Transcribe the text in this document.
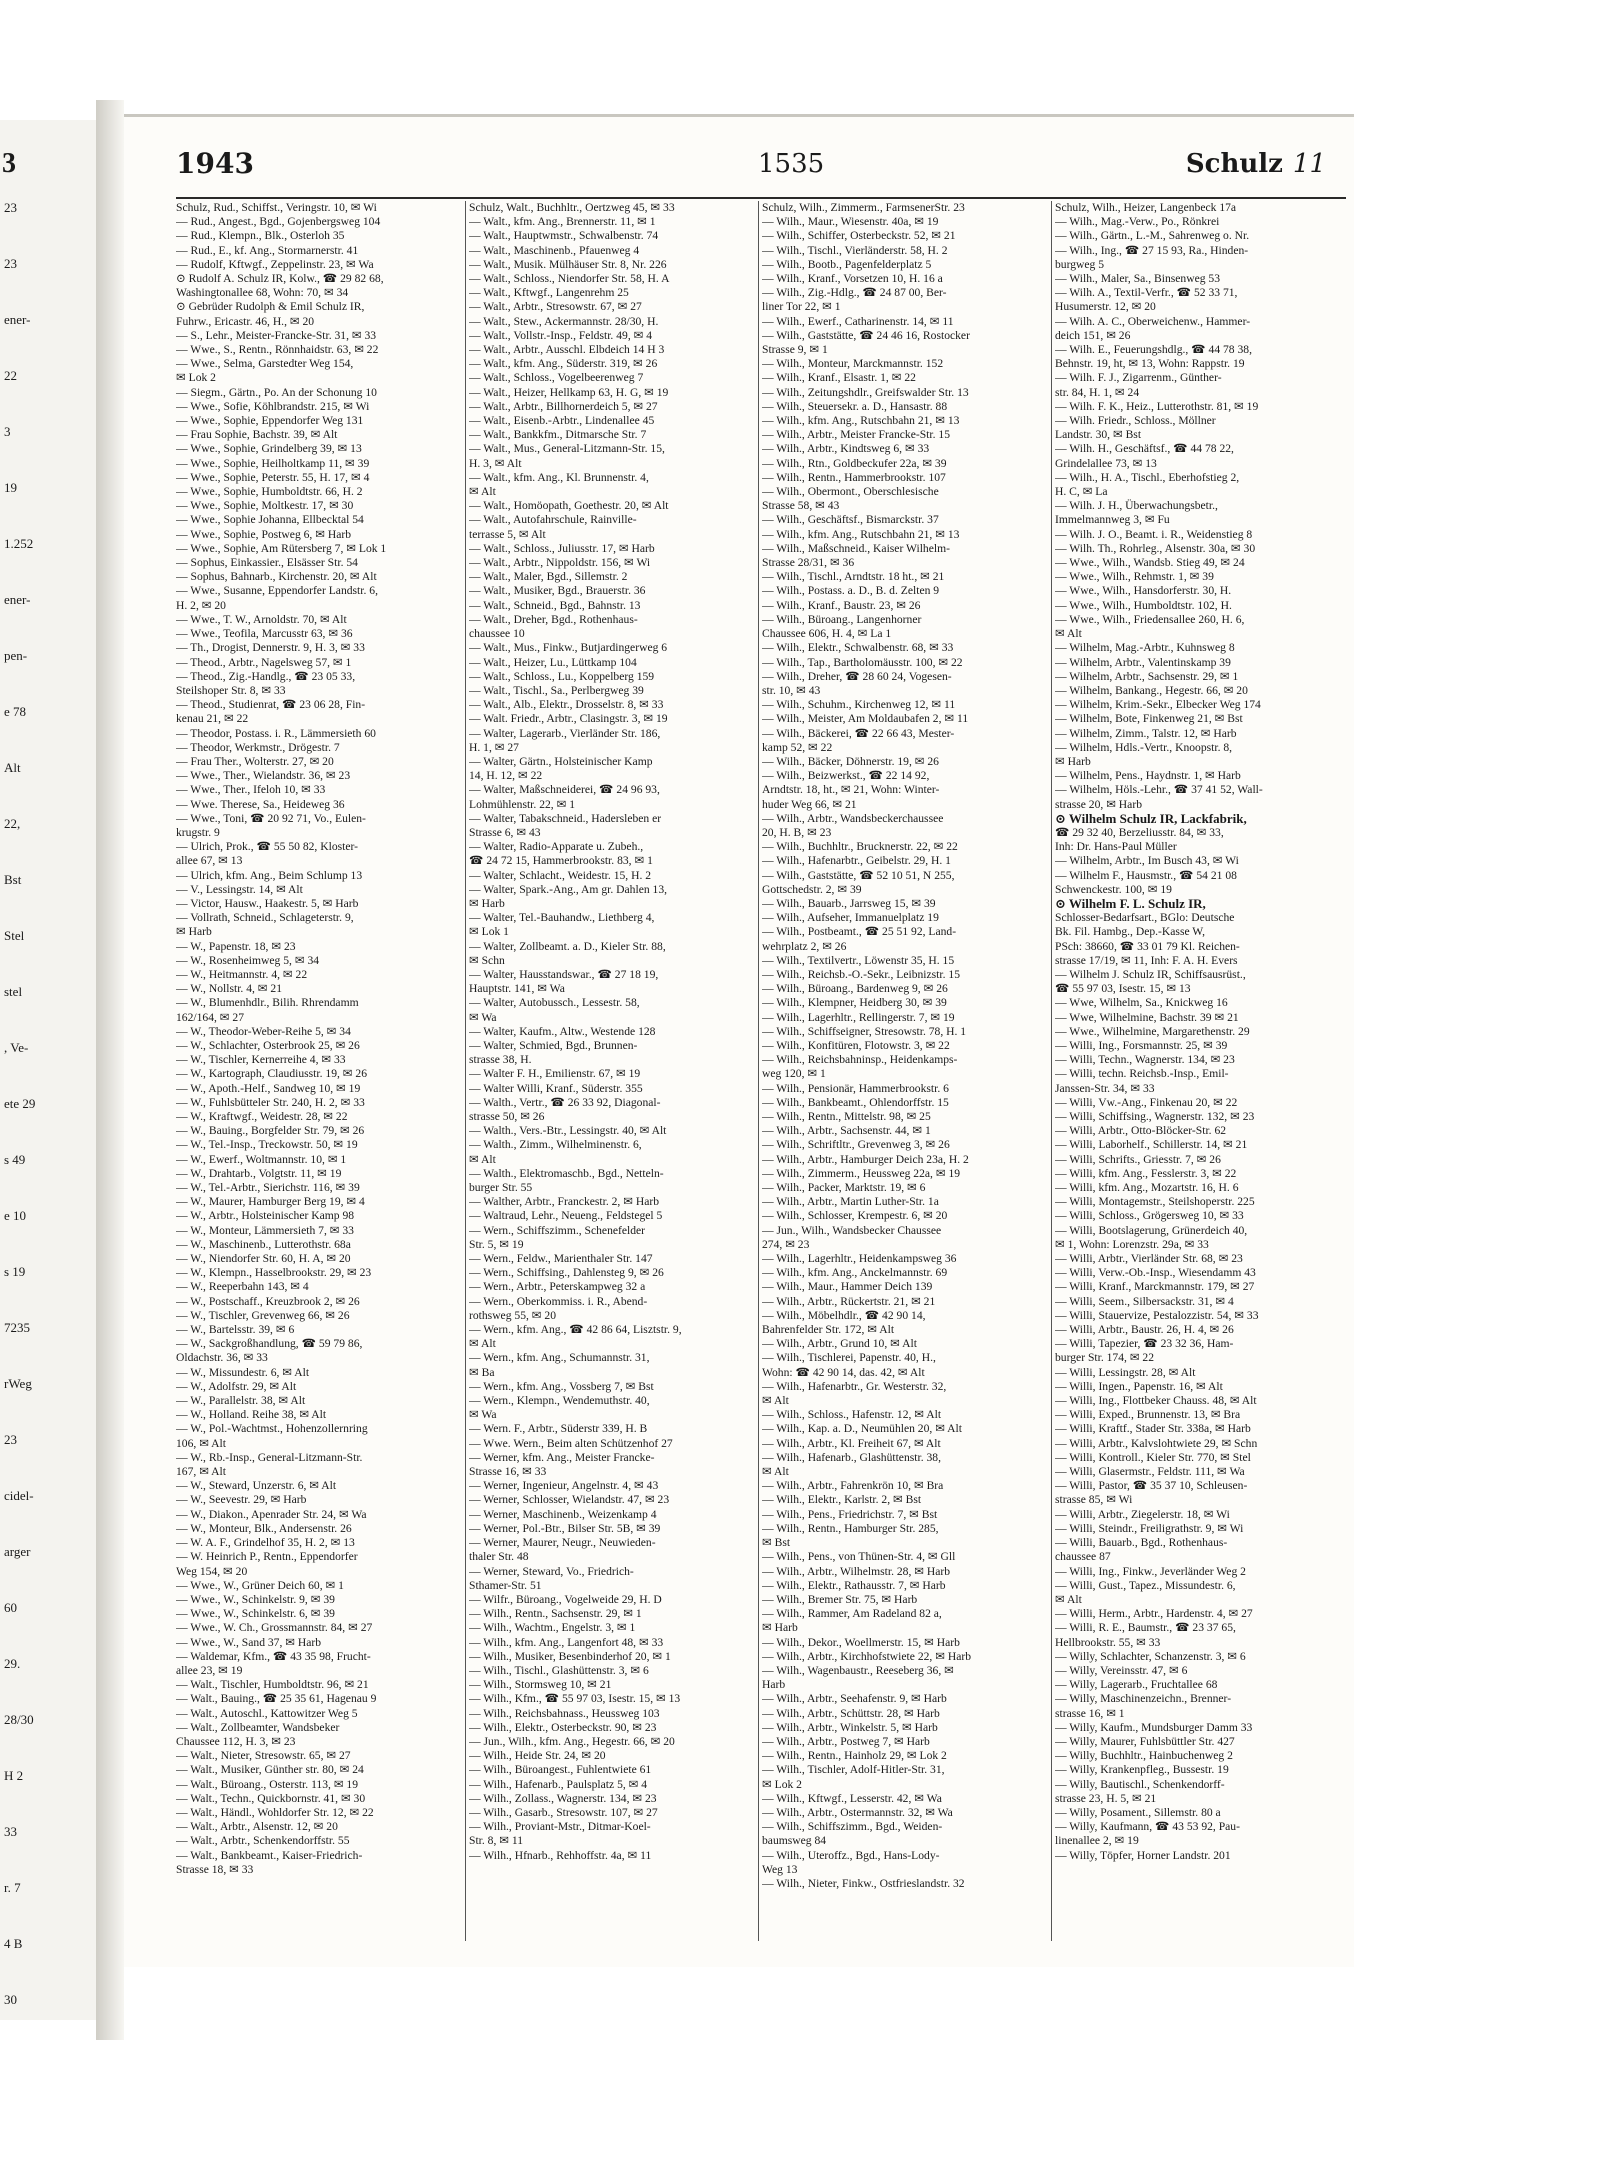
3
23
23
ener-
22
3
19
1.252
ener-
pen-
e 78
Alt
22,
Bst
Stel
stel
, Ve-
ete 29
s 49
e 10
s 19
7235
rWeg
23
cidel-
arger
60
29.
28/30
H 2
33
r. 7
4 B
30
1943	1535	Schulz 11
Schulz, Rud., Schiffst., Veringstr. 10, ✉ Wi
— Rud., Angest., Bgd., Gojenbergsweg 104
— Rud., Klempn., Blk., Osterloh 35
— Rud., E., kf. Ang., Stormarnerstr. 41
— Rudolf, Kftwgf., Zeppelinstr. 23, ✉ Wa
⊙ Rudolf A. Schulz IR, Kolw., ☎ 29 82 68,
Washingtonallee 68, Wohn: 70, ✉ 34
⊙ Gebrüder Rudolph & Emil Schulz IR,
Fuhrw., Ericastr. 46, H., ✉ 20
— S., Lehr., Meister-Francke-Str. 31, ✉ 33
— Wwe., S., Rentn., Rönnhaidstr. 63, ✉ 22
— Wwe., Selma, Garstedter Weg 154,
✉ Lok 2
— Siegm., Gärtn., Po. An der Schonung 10
— Wwe., Sofie, Köhlbrandstr. 215, ✉ Wi
— Wwe., Sophie, Eppendorfer Weg 131
— Frau Sophie, Bachstr. 39, ✉ Alt
— Wwe., Sophie, Grindelberg 39, ✉ 13
— Wwe., Sophie, Heilholtkamp 11, ✉ 39
— Wwe., Sophie, Peterstr. 55, H. 17, ✉ 4
— Wwe., Sophie, Humboldtstr. 66, H. 2
— Wwe., Sophie, Moltkestr. 17, ✉ 30
— Wwe., Sophie Johanna, Ellbecktal 54
— Wwe., Sophie, Postweg 6, ✉ Harb
— Wwe., Sophie, Am Rütersberg 7, ✉ Lok 1
— Sophus, Einkassier., Elsässer Str. 54
— Sophus, Bahnarb., Kirchenstr. 20, ✉ Alt
— Wwe., Susanne, Eppendorfer Landstr. 6,
H. 2, ✉ 20
— Wwe., T. W., Arnoldstr. 70, ✉ Alt
— Wwe., Teofila, Marcusstr 63, ✉ 36
— Th., Drogist, Dennerstr. 9, H. 3, ✉ 33
— Theod., Arbtr., Nagelsweg 57, ✉ 1
— Theod., Zig.-Handlg., ☎ 23 05 33,
Steilshoper Str. 8, ✉ 33
— Theod., Studienrat, ☎ 23 06 28, Fin-
kenau 21, ✉ 22
— Theodor, Postass. i. R., Lämmersieth 60
— Theodor, Werkmstr., Drögestr. 7
— Frau Ther., Wolterstr. 27, ✉ 20
— Wwe., Ther., Wielandstr. 36, ✉ 23
— Wwe., Ther., Ifeloh 10, ✉ 33
— Wwe. Therese, Sa., Heideweg 36
— Wwe., Toni, ☎ 20 92 71, Vo., Eulen-
krugstr. 9
— Ulrich, Prok., ☎ 55 50 82, Kloster-
allee 67, ✉ 13
— Ulrich, kfm. Ang., Beim Schlump 13
— V., Lessingstr. 14, ✉ Alt
— Victor, Hausw., Haakestr. 5, ✉ Harb
— Vollrath, Schneid., Schlageterstr. 9,
✉ Harb
— W., Papenstr. 18, ✉ 23
— W., Rosenheimweg 5, ✉ 34
— W., Heitmannstr. 4, ✉ 22
— W., Nollstr. 4, ✉ 21
— W., Blumenhdlr., Bilih. Rhrendamm
162/164, ✉ 27
— W., Theodor-Weber-Reihe 5, ✉ 34
— W., Schlachter, Osterbrook 25, ✉ 26
— W., Tischler, Kernerreihe 4, ✉ 33
— W., Kartograph, Claudiusstr. 19, ✉ 26
— W., Apoth.-Helf., Sandweg 10, ✉ 19
— W., Fuhlsbütteler Str. 240, H. 2, ✉ 33
— W., Kraftwgf., Weidestr. 28, ✉ 22
— W., Bauing., Borgfelder Str. 79, ✉ 26
— W., Tel.-Insp., Treckowstr. 50, ✉ 19
— W., Ewerf., Woltmannstr. 10, ✉ 1
— W., Drahtarb., Volgtstr. 11, ✉ 19
— W., Tel.-Arbtr., Sierichstr. 116, ✉ 39
— W., Maurer, Hamburger Berg 19, ✉ 4
— W., Arbtr., Holsteinischer Kamp 98
— W., Monteur, Lämmersieth 7, ✉ 33
— W., Maschinenb., Lutterothstr. 68a
— W., Niendorfer Str. 60, H. A, ✉ 20
— W., Klempn., Hasselbrookstr. 29, ✉ 23
— W., Reeperbahn 143, ✉ 4
— W., Postschaff., Kreuzbrook 2, ✉ 26
— W., Tischler, Grevenweg 66, ✉ 26
— W., Bartelsstr. 39, ✉ 6
— W., Sackgroßhandlung, ☎ 59 79 86,
Oldachstr. 36, ✉ 33
— W., Missundestr. 6, ✉ Alt
— W., Adolfstr. 29, ✉ Alt
— W., Parallelstr. 38, ✉ Alt
— W., Holland. Reihe 38, ✉ Alt
— W., Pol.-Wachtmst., Hohenzollernring
106, ✉ Alt
— W., Rb.-Insp., General-Litzmann-Str.
167, ✉ Alt
— W., Steward, Unzerstr. 6, ✉ Alt
— W., Seevestr. 29, ✉ Harb
— W., Diakon., Apenrader Str. 24, ✉ Wa
— W., Monteur, Blk., Andersenstr. 26
— W. A. F., Grindelhof 35, H. 2, ✉ 13
— W. Heinrich P., Rentn., Eppendorfer
Weg 154, ✉ 20
— Wwe., W., Grüner Deich 60, ✉ 1
— Wwe., W., Schinkelstr. 9, ✉ 39
— Wwe., W., Schinkelstr. 6, ✉ 39
— Wwe., W. Ch., Grossmannstr. 84, ✉ 27
— Wwe., W., Sand 37, ✉ Harb
— Waldemar, Kfm., ☎ 43 35 98, Frucht-
allee 23, ✉ 19
— Walt., Tischler, Humboldtstr. 96, ✉ 21
— Walt., Bauing., ☎ 25 35 61, Hagenau 9
— Walt., Autoschl., Kattowitzer Weg 5
— Walt., Zollbeamter, Wandsbeker
Chaussee 112, H. 3, ✉ 23
— Walt., Nieter, Stresowstr. 65, ✉ 27
— Walt., Musiker, Günther str. 80, ✉ 24
— Walt., Büroang., Osterstr. 113, ✉ 19
— Walt., Techn., Quickbornstr. 41, ✉ 30
— Walt., Händl., Wohldorfer Str. 12, ✉ 22
— Walt., Arbtr., Alsenstr. 12, ✉ 20
— Walt., Arbtr., Schenkendorffstr. 55
— Walt., Bankbeamt., Kaiser-Friedrich-
Strasse 18, ✉ 33
Schulz, Walt., Buchhltr., Oertzweg 45, ✉ 33
— Walt., kfm. Ang., Brennerstr. 11, ✉ 1
— Walt., Hauptwmstr., Schwalbenstr. 74
— Walt., Maschinenb., Pfauenweg 4
— Walt., Musik. Mülhäuser Str. 8, Nr. 226
— Walt., Schloss., Niendorfer Str. 58, H. A
— Walt., Kftwgf., Langenrehm 25
— Walt., Arbtr., Stresowstr. 67, ✉ 27
— Walt., Stew., Ackermannstr. 28/30, H.
— Walt., Vollstr.-Insp., Feldstr. 49, ✉ 4
— Walt., Arbtr., Ausschl. Elbdeich 14 H 3
— Walt., kfm. Ang., Süderstr. 319, ✉ 26
— Walt., Schloss., Vogelbeerenweg 7
— Walt., Heizer, Hellkamp 63, H. G, ✉ 19
— Walt., Arbtr., Billhornerdeich 5, ✉ 27
— Walt., Eisenb.-Arbtr., Lindenallee 45
— Walt., Bankkfm., Ditmarsche Str. 7
— Walt., Mus., General-Litzmann-Str. 15,
H. 3, ✉ Alt
— Walt., kfm. Ang., Kl. Brunnenstr. 4,
✉ Alt
— Walt., Homöopath, Goethestr. 20, ✉ Alt
— Walt., Autofahrschule, Rainville-
terrasse 5, ✉ Alt
— Walt., Schloss., Juliusstr. 17, ✉ Harb
— Walt., Arbtr., Nippoldstr. 156, ✉ Wi
— Walt., Maler, Bgd., Sillemstr. 2
— Walt., Musiker, Bgd., Brauerstr. 36
— Walt., Schneid., Bgd., Bahnstr. 13
— Walt., Dreher, Bgd., Rothenhaus-
chaussee 10
— Walt., Mus., Finkw., Butjardingerweg 6
— Walt., Heizer, Lu., Lüttkamp 104
— Walt., Schloss., Lu., Koppelberg 159
— Walt., Tischl., Sa., Perlbergweg 39
— Walt., Alb., Elektr., Drosselstr. 8, ✉ 33
— Walt. Friedr., Arbtr., Clasingstr. 3, ✉ 19
— Walter, Lagerarb., Vierländer Str. 186,
H. 1, ✉ 27
— Walter, Gärtn., Holsteinischer Kamp
14, H. 12, ✉ 22
— Walter, Maßschneiderei, ☎ 24 96 93,
Lohmühlenstr. 22, ✉ 1
— Walter, Tabakschneid., Hadersleben er
Strasse 6, ✉ 43
— Walter, Radio-Apparate u. Zubeh.,
☎ 24 72 15, Hammerbrookstr. 83, ✉ 1
— Walter, Schlacht., Weidestr. 15, H. 2
— Walter, Spark.-Ang., Am gr. Dahlen 13,
✉ Harb
— Walter, Tel.-Bauhandw., Liethberg 4,
✉ Lok 1
— Walter, Zollbeamt. a. D., Kieler Str. 88,
✉ Schn
— Walter, Hausstandswar., ☎ 27 18 19,
Hauptstr. 141, ✉ Wa
— Walter, Autobussch., Lessestr. 58,
✉ Wa
— Walter, Kaufm., Altw., Westende 128
— Walter, Schmied, Bgd., Brunnen-
strasse 38, H.
— Walter F. H., Emilienstr. 67, ✉ 19
— Walter Willi, Kranf., Süderstr. 355
— Walth., Vertr., ☎ 26 33 92, Diagonal-
strasse 50, ✉ 26
— Walth., Vers.-Btr., Lessingstr. 40, ✉ Alt
— Walth., Zimm., Wilhelminenstr. 6,
✉ Alt
— Walth., Elektromaschb., Bgd., Netteln-
burger Str. 55
— Walther, Arbtr., Franckestr. 2, ✉ Harb
— Waltraud, Lehr., Neueng., Feldstegel 5
— Wern., Schiffszimm., Schenefelder
Str. 5, ✉ 19
— Wern., Feldw., Marienthaler Str. 147
— Wern., Schiffsing., Dahlensteg 9, ✉ 26
— Wern., Arbtr., Peterskampweg 32 a
— Wern., Oberkommiss. i. R., Abend-
rothsweg 55, ✉ 20
— Wern., kfm. Ang., ☎ 42 86 64, Lisztstr. 9,
✉ Alt
— Wern., kfm. Ang., Schumannstr. 31,
✉ Ba
— Wern., kfm. Ang., Vossberg 7, ✉ Bst
— Wern., Klempn., Wendemuthstr. 40,
✉ Wa
— Wern. F., Arbtr., Süderstr 339, H. B
— Wwe. Wern., Beim alten Schützenhof 27
— Werner, kfm. Ang., Meister Francke-
Strasse 16, ✉ 33
— Werner, Ingenieur, Angelnstr. 4, ✉ 43
— Werner, Schlosser, Wielandstr. 47, ✉ 23
— Werner, Maschinenb., Weizenkamp 4
— Werner, Pol.-Btr., Bilser Str. 5B, ✉ 39
— Werner, Maurer, Neugr., Neuwieden-
thaler Str. 48
— Werner, Steward, Vo., Friedrich-
Sthamer-Str. 51
— Wilfr., Büroang., Vogelweide 29, H. D
— Wilh., Rentn., Sachsenstr. 29, ✉ 1
— Wilh., Wachtm., Engelstr. 3, ✉ 1
— Wilh., kfm. Ang., Langenfort 48, ✉ 33
— Wilh., Musiker, Besenbinderhof 20, ✉ 1
— Wilh., Tischl., Glashüttenstr. 3, ✉ 6
— Wilh., Stormsweg 10, ✉ 21
— Wilh., Kfm., ☎ 55 97 03, Isestr. 15, ✉ 13
— Wilh., Reichsbahnass., Heussweg 103
— Wilh., Elektr., Osterbeckstr. 90, ✉ 23
— Jun., Wilh., kfm. Ang., Hegestr. 66, ✉ 20
— Wilh., Heide Str. 24, ✉ 20
— Wilh., Büroangest., Fuhlentwiete 61
— Wilh., Hafenarb., Paulsplatz 5, ✉ 4
— Wilh., Zollass., Wagnerstr. 134, ✉ 23
— Wilh., Gasarb., Stresowstr. 107, ✉ 27
— Wilh., Proviant-Mstr., Ditmar-Koel-
Str. 8, ✉ 11
— Wilh., Hfnarb., Rehhoffstr. 4a, ✉ 11
Schulz, Wilh., Zimmerm., FarmsenerStr. 23
— Wilh., Maur., Wiesenstr. 40a, ✉ 19
— Wilh., Schiffer, Osterbeckstr. 52, ✉ 21
— Wilh., Tischl., Vierländerstr. 58, H. 2
— Wilh., Bootb., Pagenfelderplatz 5
— Wilh., Kranf., Vorsetzen 10, H. 16 a
— Wilh., Zig.-Hdlg., ☎ 24 87 00, Ber-
liner Tor 22, ✉ 1
— Wilh., Ewerf., Catharinenstr. 14, ✉ 11
— Wilh., Gaststätte, ☎ 24 46 16, Rostocker
Strasse 9, ✉ 1
— Wilh., Monteur, Marckmannstr. 152
— Wilh., Kranf., Elsastr. 1, ✉ 22
— Wilh., Zeitungshdlr., Greifswalder Str. 13
— Wilh., Steuersekr. a. D., Hansastr. 88
— Wilh., kfm. Ang., Rutschbahn 21, ✉ 13
— Wilh., Arbtr., Meister Francke-Str. 15
— Wilh., Arbtr., Kindtsweg 6, ✉ 33
— Wilh., Rtn., Goldbeckufer 22a, ✉ 39
— Wilh., Rentn., Hammerbrookstr. 107
— Wilh., Obermont., Oberschlesische
Strasse 58, ✉ 43
— Wilh., Geschäftsf., Bismarckstr. 37
— Wilh., kfm. Ang., Rutschbahn 21, ✉ 13
— Wilh., Maßschneid., Kaiser Wilhelm-
Strasse 28/31, ✉ 36
— Wilh., Tischl., Arndtstr. 18 ht., ✉ 21
— Wilh., Postass. a. D., B. d. Zelten 9
— Wilh., Kranf., Baustr. 23, ✉ 26
— Wilh., Büroang., Langenhorner
Chaussee 606, H. 4, ✉ La 1
— Wilh., Elektr., Schwalbenstr. 68, ✉ 33
— Wilh., Tap., Bartholomäusstr. 100, ✉ 22
— Wilh., Dreher, ☎ 28 60 24, Vogesen-
str. 10, ✉ 43
— Wilh., Schuhm., Kirchenweg 12, ✉ 11
— Wilh., Meister, Am Moldaubafen 2, ✉ 11
— Wilh., Bäckerei, ☎ 22 66 43, Mester-
kamp 52, ✉ 22
— Wilh., Bäcker, Döhnerstr. 19, ✉ 26
— Wilh., Beizwerkst., ☎ 22 14 92,
Arndtstr. 18, ht., ✉ 21, Wohn: Winter-
huder Weg 66, ✉ 21
— Wilh., Arbtr., Wandsbeckerchaussee
20, H. B, ✉ 23
— Wilh., Buchhltr., Brucknerstr. 22, ✉ 22
— Wilh., Hafenarbtr., Geibelstr. 29, H. 1
— Wilh., Gaststätte, ☎ 52 10 51, N 255,
Gottschedstr. 2, ✉ 39
— Wilh., Bauarb., Jarrsweg 15, ✉ 39
— Wilh., Aufseher, Immanuelplatz 19
— Wilh., Postbeamt., ☎ 25 51 92, Land-
wehrplatz 2, ✉ 26
— Wilh., Textilvertr., Löwenstr 35, H. 15
— Wilh., Reichsb.-O.-Sekr., Leibnizstr. 15
— Wilh., Büroang., Bardenweg 9, ✉ 26
— Wilh., Klempner, Heidberg 30, ✉ 39
— Wilh., Lagerhltr., Rellingerstr. 7, ✉ 19
— Wilh., Schiffseigner, Stresowstr. 78, H. 1
— Wilh., Konfitüren, Flotowstr. 3, ✉ 22
— Wilh., Reichsbahninsp., Heidenkamps-
weg 120, ✉ 1
— Wilh., Pensionär, Hammerbrookstr. 6
— Wilh., Bankbeamt., Ohlendorffstr. 15
— Wilh., Rentn., Mittelstr. 98, ✉ 25
— Wilh., Arbtr., Sachsenstr. 44, ✉ 1
— Wilh., Schriftltr., Grevenweg 3, ✉ 26
— Wilh., Arbtr., Hamburger Deich 23a, H. 2
— Wilh., Zimmerm., Heussweg 22a, ✉ 19
— Wilh., Packer, Marktstr. 19, ✉ 6
— Wilh., Arbtr., Martin Luther-Str. 1a
— Wilh., Schlosser, Krempestr. 6, ✉ 20
— Jun., Wilh., Wandsbecker Chaussee
274, ✉ 23
— Wilh., Lagerhltr., Heidenkampsweg 36
— Wilh., kfm. Ang., Anckelmannstr. 69
— Wilh., Maur., Hammer Deich 139
— Wilh., Arbtr., Rückertstr. 21, ✉ 21
— Wilh., Möbelhdlr., ☎ 42 90 14,
Bahrenfelder Str. 172, ✉ Alt
— Wilh., Arbtr., Grund 10, ✉ Alt
— Wilh., Tischlerei, Papenstr. 40, H.,
Wohn: ☎ 42 90 14, das. 42, ✉ Alt
— Wilh., Hafenarbtr., Gr. Westerstr. 32,
✉ Alt
— Wilh., Schloss., Hafenstr. 12, ✉ Alt
— Wilh., Kap. a. D., Neumühlen 20, ✉ Alt
— Wilh., Arbtr., Kl. Freiheit 67, ✉ Alt
— Wilh., Hafenarb., Glashüttenstr. 38,
✉ Alt
— Wilh., Arbtr., Fahrenkrön 10, ✉ Bra
— Wilh., Elektr., Karlstr. 2, ✉ Bst
— Wilh., Pens., Friedrichstr. 7, ✉ Bst
— Wilh., Rentn., Hamburger Str. 285,
✉ Bst
— Wilh., Pens., von Thünen-Str. 4, ✉ Gll
— Wilh., Arbtr., Wilhelmstr. 28, ✉ Harb
— Wilh., Elektr., Rathausstr. 7, ✉ Harb
— Wilh., Bremer Str. 75, ✉ Harb
— Wilh., Rammer, Am Radeland 82 a,
✉ Harb
— Wilh., Dekor., Woellmerstr. 15, ✉ Harb
— Wilh., Arbtr., Kirchhofstwiete 22, ✉ Harb
— Wilh., Wagenbaustr., Reeseberg 36, ✉
Harb
— Wilh., Arbtr., Seehafenstr. 9, ✉ Harb
— Wilh., Arbtr., Schüttstr. 28, ✉ Harb
— Wilh., Arbtr., Winkelstr. 5, ✉ Harb
— Wilh., Arbtr., Postweg 7, ✉ Harb
— Wilh., Rentn., Hainholz 29, ✉ Lok 2
— Wilh., Tischler, Adolf-Hitler-Str. 31,
✉ Lok 2
— Wilh., Kftwgf., Lesserstr. 42, ✉ Wa
— Wilh., Arbtr., Ostermannstr. 32, ✉ Wa
— Wilh., Schiffszimm., Bgd., Weiden-
baumsweg 84
— Wilh., Uteroffz., Bgd., Hans-Lody-
Weg 13
— Wilh., Nieter, Finkw., Ostfrieslandstr. 32
Schulz, Wilh., Heizer, Langenbeck 17a
— Wilh., Mag.-Verw., Po., Rönkrei
— Wilh., Gärtn., L.-M., Sahrenweg o. Nr.
— Wilh., Ing., ☎ 27 15 93, Ra., Hinden-
burgweg 5
— Wilh., Maler, Sa., Binsenweg 53
— Wilh. A., Textil-Verfr., ☎ 52 33 71,
Husumerstr. 12, ✉ 20
— Wilh. A. C., Oberweichenw., Hammer-
deich 151, ✉ 26
— Wilh. E., Feuerungshdlg., ☎ 44 78 38,
Behnstr. 19, ht, ✉ 13, Wohn: Rappstr. 19
— Wilh. F. J., Zigarrenm., Günther-
str. 84, H. 1, ✉ 24
— Wilh. F. K., Heiz., Lutterothstr. 81, ✉ 19
— Wilh. Friedr., Schloss., Möllner
Landstr. 30, ✉ Bst
— Wilh. H., Geschäftsf., ☎ 44 78 22,
Grindelallee 73, ✉ 13
— Wilh., H. A., Tischl., Eberhofstieg 2,
H. C, ✉ La
— Wilh. J. H., Überwachungsbetr.,
Immelmannweg 3, ✉ Fu
— Wilh. J. O., Beamt. i. R., Weidenstieg 8
— Wilh. Th., Rohrleg., Alsenstr. 30a, ✉ 30
— Wwe., Wilh., Wandsb. Stieg 49, ✉ 24
— Wwe., Wilh., Rehmstr. 1, ✉ 39
— Wwe., Wilh., Hansdorferstr. 30, H.
— Wwe., Wilh., Humboldtstr. 102, H.
— Wwe., Wilh., Friedensallee 260, H. 6,
✉ Alt
— Wilhelm, Mag.-Arbtr., Kuhnsweg 8
— Wilhelm, Arbtr., Valentinskamp 39
— Wilhelm, Arbtr., Sachsenstr. 29, ✉ 1
— Wilhelm, Bankang., Hegestr. 66, ✉ 20
— Wilhelm, Krim.-Sekr., Elbecker Weg 174
— Wilhelm, Bote, Finkenweg 21, ✉ Bst
— Wilhelm, Zimm., Talstr. 12, ✉ Harb
— Wilhelm, Hdls.-Vertr., Knoopstr. 8,
✉ Harb
— Wilhelm, Pens., Haydnstr. 1, ✉ Harb
— Wilhelm, Höls.-Lehr., ☎ 37 41 52, Wall-
strasse 20, ✉ Harb
⊙ Wilhelm Schulz IR, Lackfabrik,
☎ 29 32 40, Berzeliusstr. 84, ✉ 33,
Inh: Dr. Hans-Paul Müller
— Wilhelm, Arbtr., Im Busch 43, ✉ Wi
— Wilhelm F., Hausmstr., ☎ 54 21 08
Schwenckestr. 100, ✉ 19
⊙ Wilhelm F. L. Schulz IR,
Schlosser-Bedarfsart., BGlo: Deutsche
Bk. Fil. Hambg., Dep.-Kasse W,
PSch: 38660, ☎ 33 01 79 Kl. Reichen-
strasse 17/19, ✉ 11, Inh: F. A. H. Evers
— Wilhelm J. Schulz IR, Schiffsausrüst.,
☎ 55 97 03, Isestr. 15, ✉ 13
— Wwe, Wilhelm, Sa., Knickweg 16
— Wwe, Wilhelmine, Bachstr. 39 ✉ 21
— Wwe., Wilhelmine, Margarethenstr. 29
— Willi, Ing., Forsmannstr. 25, ✉ 39
— Willi, Techn., Wagnerstr. 134, ✉ 23
— Willi, techn. Reichsb.-Insp., Emil-
Janssen-Str. 34, ✉ 33
— Willi, Vw.-Ang., Finkenau 20, ✉ 22
— Willi, Schiffsing., Wagnerstr. 132, ✉ 23
— Willi, Arbtr., Otto-Blöcker-Str. 62
— Willi, Laborhelf., Schillerstr. 14, ✉ 21
— Willi, Schrifts., Griesstr. 7, ✉ 26
— Willi, kfm. Ang., Fesslerstr. 3, ✉ 22
— Willi, kfm. Ang., Mozartstr. 16, H. 6
— Willi, Montagemstr., Steilshoperstr. 225
— Willi, Schloss., Grögersweg 10, ✉ 33
— Willi, Bootslagerung, Grünerdeich 40,
✉ 1, Wohn: Lorenzstr. 29a, ✉ 33
— Willi, Arbtr., Vierländer Str. 68, ✉ 23
— Willi, Verw.-Ob.-Insp., Wiesendamm 43
— Willi, Kranf., Marckmannstr. 179, ✉ 27
— Willi, Seem., Silbersackstr. 31, ✉ 4
— Willi, Stauervize, Pestalozzistr. 54, ✉ 33
— Willi, Arbtr., Baustr. 26, H. 4, ✉ 26
— Willi, Tapezier, ☎ 23 32 36, Ham-
burger Str. 174, ✉ 22
— Willi, Lessingstr. 28, ✉ Alt
— Willi, Ingen., Papenstr. 16, ✉ Alt
— Willi, Ing., Flottbeker Chauss. 48, ✉ Alt
— Willi, Exped., Brunnenstr. 13, ✉ Bra
— Willi, Kraftf., Stader Str. 338a, ✉ Harb
— Willi, Arbtr., Kalvslohtwiete 29, ✉ Schn
— Willi, Kontroll., Kieler Str. 770, ✉ Stel
— Willi, Glasermstr., Feldstr. 111, ✉ Wa
— Willi, Pastor, ☎ 35 37 10, Schleusen-
strasse 85, ✉ Wi
— Willi, Arbtr., Ziegelerstr. 18, ✉ Wi
— Willi, Steindr., Freiligrathstr. 9, ✉ Wi
— Willi, Bauarb., Bgd., Rothenhaus-
chaussee 87
— Willi, Ing., Finkw., Jeverländer Weg 2
— Willi, Gust., Tapez., Missundestr. 6,
✉ Alt
— Willi, Herm., Arbtr., Hardenstr. 4, ✉ 27
— Willi, R. E., Baumstr., ☎ 23 37 65,
Hellbrookstr. 55, ✉ 33
— Willy, Schlachter, Schanzenstr. 3, ✉ 6
— Willy, Vereinsstr. 47, ✉ 6
— Willy, Lagerarb., Fruchtallee 68
— Willy, Maschinenzeichn., Brenner-
strasse 16, ✉ 1
— Willy, Kaufm., Mundsburger Damm 33
— Willy, Maurer, Fuhlsbüttler Str. 427
— Willy, Buchhltr., Hainbuchenweg 2
— Willy, Krankenpfleg., Bussestr. 19
— Willy, Bautischl., Schenkendorff-
strasse 23, H. 5, ✉ 21
— Willy, Posament., Sillemstr. 80 a
— Willy, Kaufmann, ☎ 43 53 92, Pau-
linenallee 2, ✉ 19
— Willy, Töpfer, Horner Landstr. 201
